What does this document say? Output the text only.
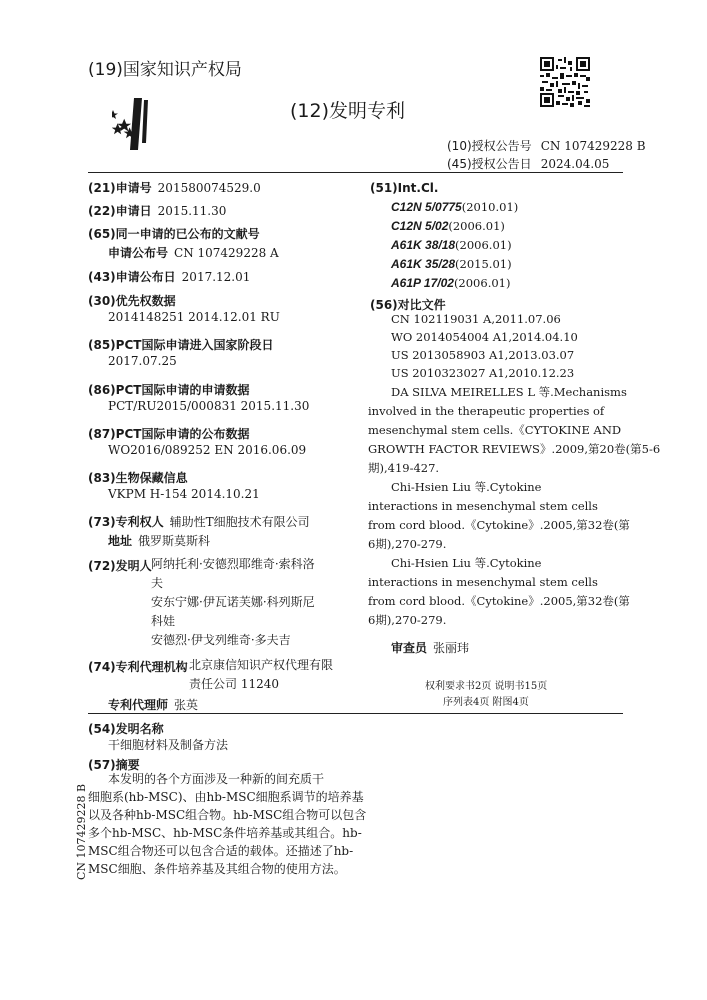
(19)国家知识产权局
(12)发明专利
(10)授权公告号 CN 107429228 B
(45)授权公告日 2024.04.05
(21)申请号 201580074529.0
(22)申请日 2015.11.30
(65)同一申请的已公布的文献号
申请公布号 CN 107429228 A
(43)申请公布日 2017.12.01
(30)优先权数据
2014148251 2014.12.01 RU
(85)PCT国际申请进入国家阶段日
2017.07.25
(86)PCT国际申请的申请数据
PCT/RU2015/000831 2015.11.30
(87)PCT国际申请的公布数据
WO2016/089252 EN 2016.06.09
(83)生物保藏信息
VKPM H-154 2014.10.21
(73)专利权人 辅助性T细胞技术有限公司
地址 俄罗斯莫斯科
(72)发明人 阿纳托利·安德烈耶维奇·索科洛
夫
安东宁娜·伊瓦诺芙娜·科列斯尼
科娃
安德烈·伊戈列维奇·多夫吉
(74)专利代理机构 北京康信知识产权代理有限
责任公司 11240
专利代理师 张英
(51)Int.Cl.
C12N 5/0775(2010.01)
C12N 5/02(2006.01)
A61K 38/18(2006.01)
A61K 35/28(2015.01)
A61P 17/02(2006.01)
(56)对比文件
CN 102119031 A,2011.07.06
WO 2014054004 A1,2014.04.10
US 2013058903 A1,2013.03.07
US 2010323027 A1,2010.12.23
DA SILVA MEIRELLES L 等.Mechanisms
involved in the therapeutic properties of
mesenchymal stem cells.《CYTOKINE AND
GROWTH FACTOR REVIEWS》.2009,第20卷(第5-6
期),419-427.
Chi-Hsien Liu 等.Cytokine
interactions in mesenchymal stem cells
from cord blood.《Cytokine》.2005,第32卷(第
6期),270-279.
Chi-Hsien Liu 等.Cytokine
interactions in mesenchymal stem cells
from cord blood.《Cytokine》.2005,第32卷(第
6期),270-279.
审查员 张丽玮
权利要求书2页 说明书15页
序列表4页 附图4页
(54)发明名称
干细胞材料及制备方法
(57)摘要
本发明的各个方面涉及一种新的间充质干
细胞系(hb-MSC)、由hb-MSC细胞系调节的培养基
以及各种hb-MSC组合物。hb-MSC组合物可以包含
多个hb-MSC、hb-MSC条件培养基或其组合。hb-
MSC组合物还可以包含合适的载体。还描述了hb-
MSC细胞、条件培养基及其组合物的使用方法。
CN 107429228 B
